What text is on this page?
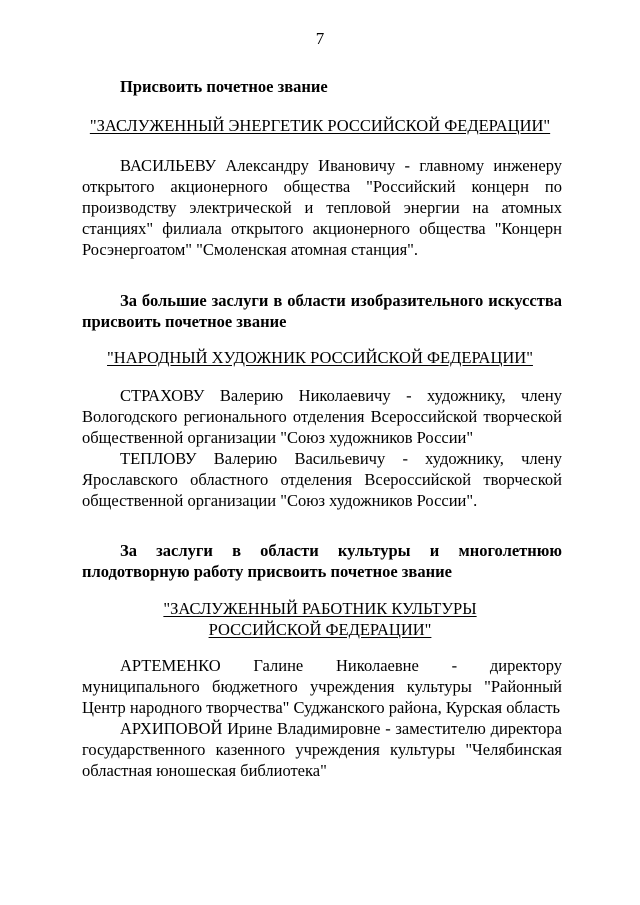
7
Присвоить почетное звание
"ЗАСЛУЖЕННЫЙ ЭНЕРГЕТИК РОССИЙСКОЙ ФЕДЕРАЦИИ"

ВАСИЛЬЕВУ Александру Ивановичу - главному инженеру открытого акционерного общества "Российский концерн по производству электрической и тепловой энергии на атомных станциях" филиала открытого акционерного общества "Концерн Росэнергоатом" "Смоленская атомная станция".

За большие заслуги в области изобразительного искусства присвоить почетное звание

"НАРОДНЫЙ ХУДОЖНИК РОССИЙСКОЙ ФЕДЕРАЦИИ"

СТРАХОВУ Валерию Николаевичу - художнику, члену Вологодского регионального отделения Всероссийской творческой общественной организации "Союз художников России"

ТЕПЛОВУ Валерию Васильевичу - художнику, члену Ярославского областного отделения Всероссийской творческой общественной организации "Союз художников России".

За заслуги в области культуры и многолетнюю плодотворную работу присвоить почетное звание

"ЗАСЛУЖЕННЫЙ РАБОТНИК КУЛЬТУРЫ
РОССИЙСКОЙ ФЕДЕРАЦИИ"

АРТЕМЕНКО Галине Николаевне - директору муниципального бюджетного учреждения культуры "Районный Центр народного творчества" Суджанского района, Курская область

АРХИПОВОЙ Ирине Владимировне - заместителю директора государственного казенного учреждения культуры "Челябинская областная юношеская библиотека"
